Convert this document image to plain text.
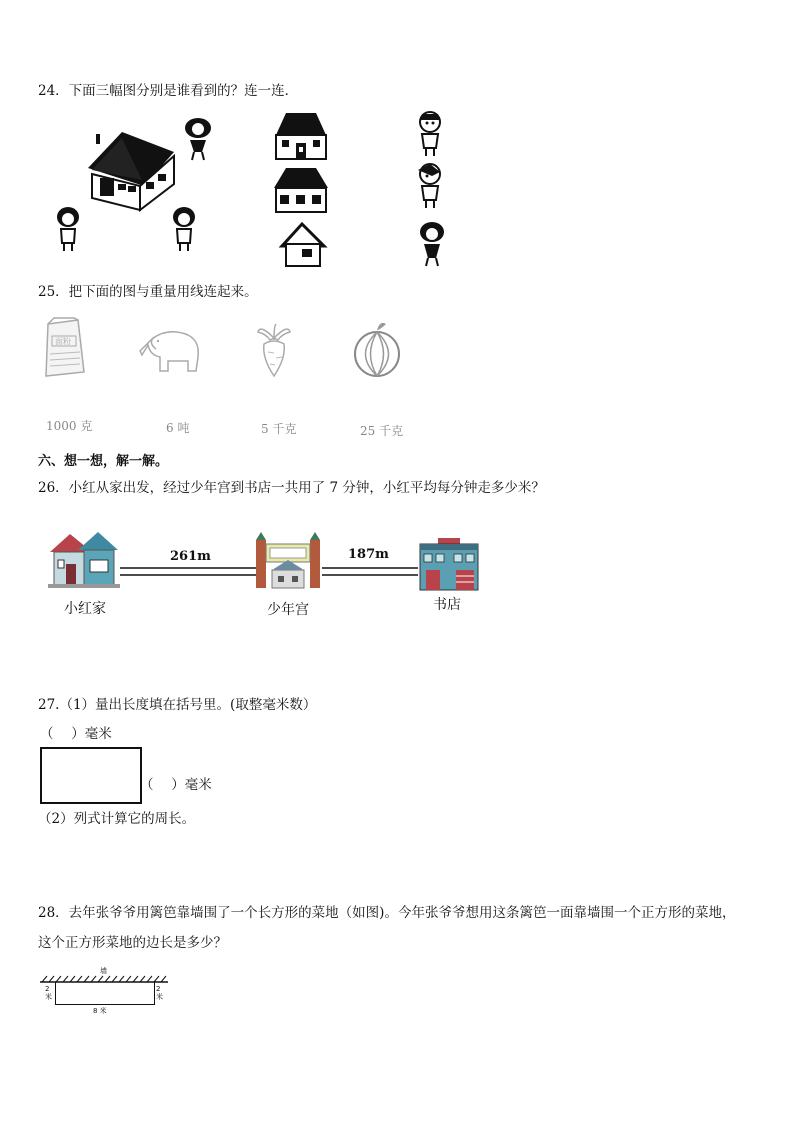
24．下面三幅图分别是谁看到的？连一连．
25．把下面的图与重量用线连起来。
面粉
1000 克	6 吨	5 千克	25 千克
六、想一想，解一解。
26．小红从家出发，经过少年宫到书店一共用了 7 分钟，小红平均每分钟走多少米？
261m	187m
小红家	少年宫	书店
27.（1）量出长度填在括号里。(取整毫米数）
（　 ）毫米
（　 ）毫米
（2）列式计算它的周长。
28．去年张爷爷用篱笆靠墙围了一个长方形的菜地（如图)。今年张爷爷想用这条篱笆一面靠墙围一个正方形的菜地，
这个正方形菜地的边长是多少？
墙
2米
2米
8 米
